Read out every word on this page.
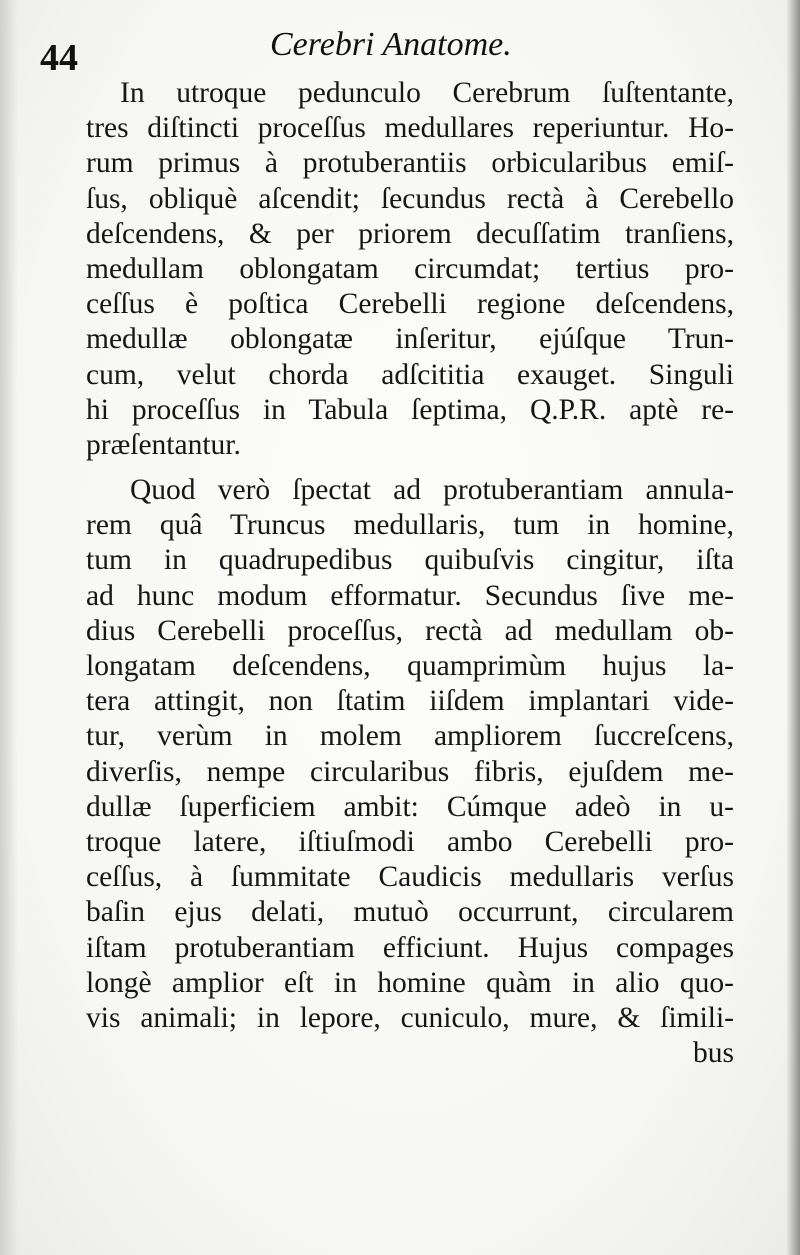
44	Cerebri Anatome.
In utroque pedunculo Cerebrum ſuſtentante,
tres diſtincti proceſſus medullares reperiuntur. Ho-
rum primus à protuberantiis orbicularibus emiſ-
ſus, obliquè aſcendit; ſecundus rectà à Cerebello
deſcendens, & per priorem decuſſatim tranſiens,
medullam oblongatam circumdat; tertius pro-
ceſſus è poſtica Cerebelli regione deſcendens,
medullæ oblongatæ inſeritur, ejúſque Trun-
cum, velut chorda adſcititia exauget. Singuli
hi proceſſus in Tabula ſeptima, Q.P.R. aptè re-
præſentantur.
Quod verò ſpectat ad protuberantiam annula-
rem quâ Truncus medullaris, tum in homine,
tum in quadrupedibus quibuſvis cingitur, iſta
ad hunc modum efformatur. Secundus ſive me-
dius Cerebelli proceſſus, rectà ad medullam ob-
longatam deſcendens, quamprimùm hujus la-
tera attingit, non ſtatim iiſdem implantari vide-
tur, verùm in molem ampliorem ſuccreſcens,
diverſis, nempe circularibus fibris, ejuſdem me-
dullæ ſuperficiem ambit: Cúmque adeò in u-
troque latere, iſtiuſmodi ambo Cerebelli pro-
ceſſus, à ſummitate Caudicis medullaris verſus
baſin ejus delati, mutuò occurrunt, circularem
iſtam protuberantiam efficiunt. Hujus compages
longè amplior eſt in homine quàm in alio quo-
vis animali; in lepore, cuniculo, mure, & ſimili-
bus
